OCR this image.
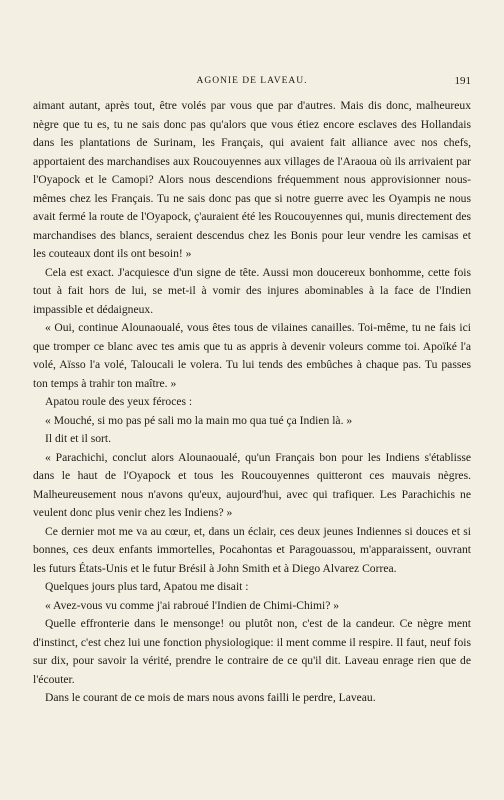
AGONIE DE LAVEAU.	191

aimant autant, après tout, être volés par vous que par d'autres. Mais dis donc, malheureux nègre que tu es, tu ne sais donc pas qu'alors que vous étiez encore esclaves des Hollandais dans les plantations de Surinam, les Français, qui avaient fait alliance avec nos chefs, apportaient des marchandises aux Roucouyennes aux villages de l'Araoua où ils arrivaient par l'Oyapock et le Camopi? Alors nous descendions fréquemment nous approvisionner nous-mêmes chez les Français. Tu ne sais donc pas que si notre guerre avec les Oyampis ne nous avait fermé la route de l'Oyapock, ç'auraient été les Roucouyennes qui, munis directement des marchandises des blancs, seraient descendus chez les Bonis pour leur vendre les camisas et les couteaux dont ils ont besoin! »

Cela est exact. J'acquiesce d'un signe de tête. Aussi mon doucereux bonhomme, cette fois tout à fait hors de lui, se met-il à vomir des injures abominables à la face de l'Indien impassible et dédaigneux.

« Oui, continue Alounaoualé, vous êtes tous de vilaines canailles. Toi-même, tu ne fais ici que tromper ce blanc avec tes amis que tu as appris à devenir voleurs comme toi. Apoïké l'a volé, Aïsso l'a volé, Taloucali le volera. Tu lui tends des embûches à chaque pas. Tu passes ton temps à trahir ton maître. »

Apatou roule des yeux féroces :

« Mouché, si mo pas pé sali mo la main mo qua tué ça Indien là. »

Il dit et il sort.

« Parachichi, conclut alors Alounaoualé, qu'un Français bon pour les Indiens s'établisse dans le haut de l'Oyapock et tous les Roucouyennes quitteront ces mauvais nègres. Malheureusement nous n'avons qu'eux, aujourd'hui, avec qui trafiquer. Les Parachichis ne veulent donc plus venir chez les Indiens? »

Ce dernier mot me va au cœur, et, dans un éclair, ces deux jeunes Indiennes si douces et si bonnes, ces deux enfants immortelles, Pocahontas et Paragouassou, m'apparaissent, ouvrant les futurs États-Unis et le futur Brésil à John Smith et à Diego Alvarez Correa.

Quelques jours plus tard, Apatou me disait :

« Avez-vous vu comme j'ai rabroué l'Indien de Chimi-Chimi? »

Quelle effronterie dans le mensonge! ou plutôt non, c'est de la candeur. Ce nègre ment d'instinct, c'est chez lui une fonction physiologique: il ment comme il respire. Il faut, neuf fois sur dix, pour savoir la vérité, prendre le contraire de ce qu'il dit. Laveau enrage rien que de l'écouter.

Dans le courant de ce mois de mars nous avons failli le perdre, Laveau.
